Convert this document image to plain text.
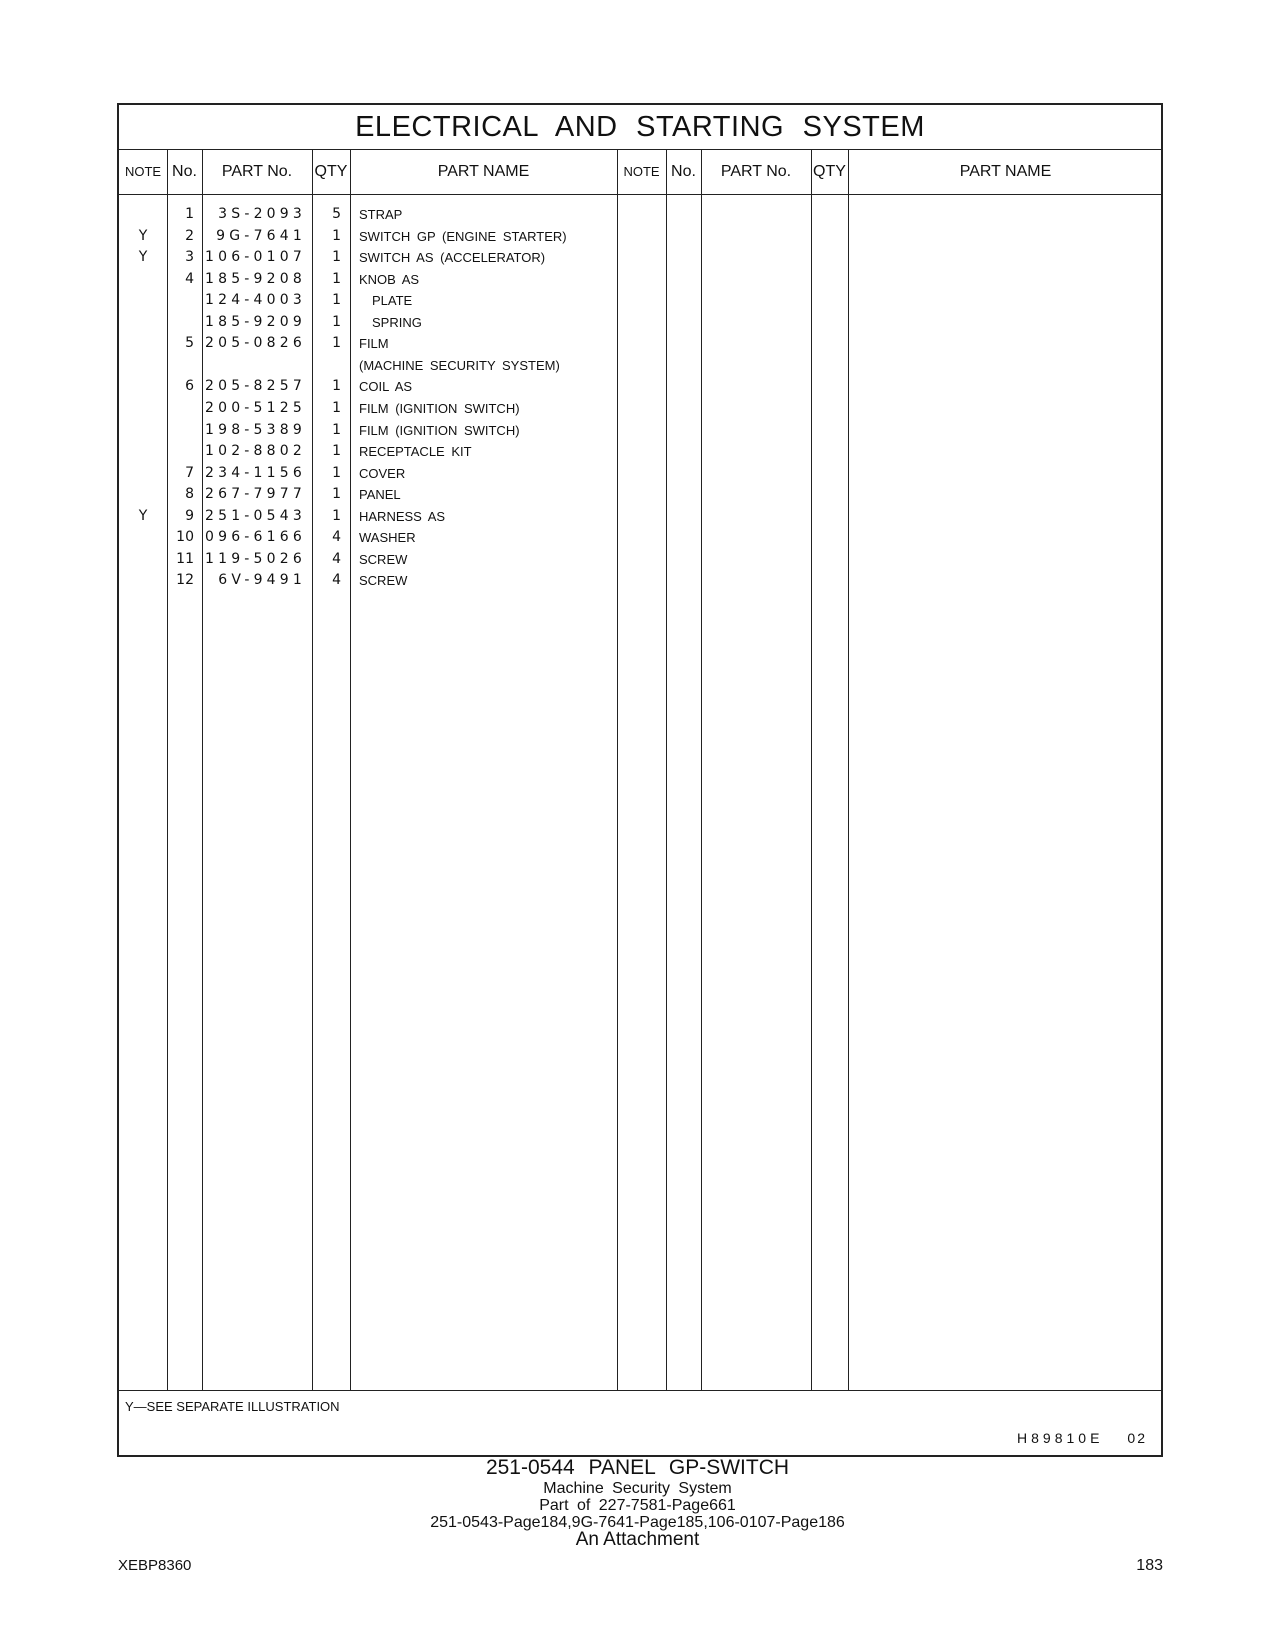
ELECTRICAL AND STARTING SYSTEM
NOTE No.	PART No.	QTY	PART NAME	NOTE No.	PART No.	QTY	PART NAME
1	3S-2093	5 STRAP
Y	2	9G-7641	1 SWITCH GP (ENGINE STARTER)
Y	3 106-0107	1 SWITCH AS (ACCELERATOR)
4 185-9208	1 KNOB AS
124-4003	1 PLATE
185-9209	1 SPRING
5 205-0826	1 FILM
(MACHINE SECURITY SYSTEM)
6 205-8257	1 COIL AS
200-5125	1 FILM (IGNITION SWITCH)
198-5389	1 FILM (IGNITION SWITCH)
102-8802	1 RECEPTACLE KIT
7 234-1156	1 COVER
8 267-7977	1 PANEL
Y	9 251-0543	1 HARNESS AS
10 096-6166	4 WASHER
11 119-5026	4 SCREW
12	6V-9491	4 SCREW
Y—SEE SEPARATE ILLUSTRATION
H89810E 02
251-0544 PANEL GP-SWITCH
Machine Security System
Part of 227-7581-Page661
251-0543-Page184,9G-7641-Page185,106-0107-Page186
An Attachment
XEBP8360	183
